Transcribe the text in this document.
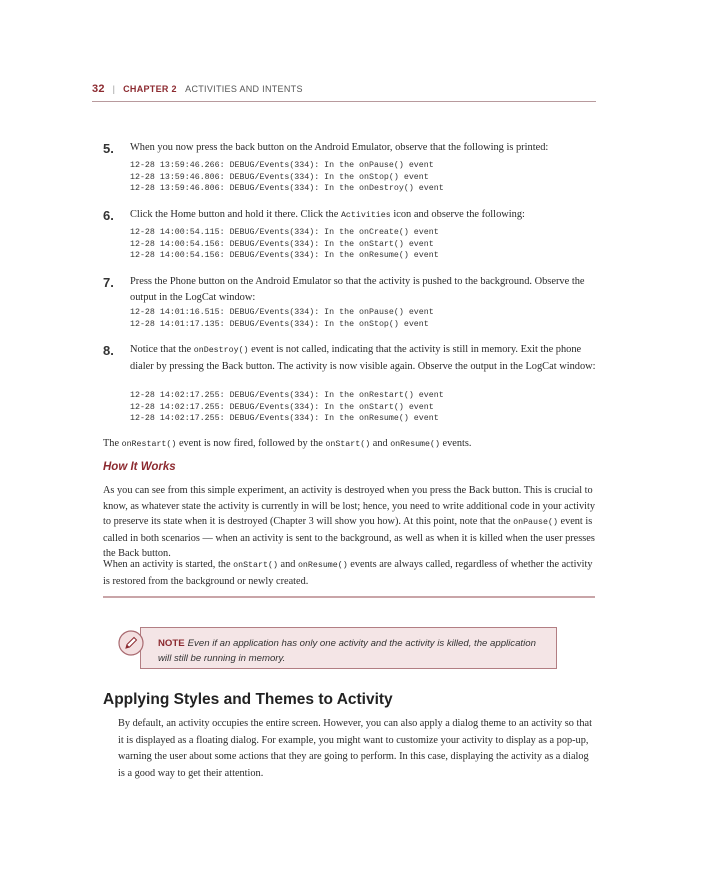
32 | CHAPTER 2 ACTIVITIES AND INTENTS
5. When you now press the back button on the Android Emulator, observe that the following is printed:
12-28 13:59:46.266: DEBUG/Events(334): In the onPause() event
12-28 13:59:46.806: DEBUG/Events(334): In the onStop() event
12-28 13:59:46.806: DEBUG/Events(334): In the onDestroy() event
6. Click the Home button and hold it there. Click the Activities icon and observe the following:
12-28 14:00:54.115: DEBUG/Events(334): In the onCreate() event
12-28 14:00:54.156: DEBUG/Events(334): In the onStart() event
12-28 14:00:54.156: DEBUG/Events(334): In the onResume() event
7. Press the Phone button on the Android Emulator so that the activity is pushed to the background. Observe the output in the LogCat window:
12-28 14:01:16.515: DEBUG/Events(334): In the onPause() event
12-28 14:01:17.135: DEBUG/Events(334): In the onStop() event
8. Notice that the onDestroy() event is not called, indicating that the activity is still in memory. Exit the phone dialer by pressing the Back button. The activity is now visible again. Observe the output in the LogCat window:
12-28 14:02:17.255: DEBUG/Events(334): In the onRestart() event
12-28 14:02:17.255: DEBUG/Events(334): In the onStart() event
12-28 14:02:17.255: DEBUG/Events(334): In the onResume() event
The onRestart() event is now fired, followed by the onStart() and onResume() events.
How It Works
As you can see from this simple experiment, an activity is destroyed when you press the Back button. This is crucial to know, as whatever state the activity is currently in will be lost; hence, you need to write additional code in your activity to preserve its state when it is destroyed (Chapter 3 will show you how). At this point, note that the onPause() event is called in both scenarios — when an activity is sent to the background, as well as when it is killed when the user presses the Back button.
When an activity is started, the onStart() and onResume() events are always called, regardless of whether the activity is restored from the background or newly created.
NOTE Even if an application has only one activity and the activity is killed, the application will still be running in memory.
Applying Styles and Themes to Activity
By default, an activity occupies the entire screen. However, you can also apply a dialog theme to an activity so that it is displayed as a floating dialog. For example, you might want to customize your activity to display as a pop-up, warning the user about some actions that they are going to perform. In this case, displaying the activity as a dialog is a good way to get their attention.
